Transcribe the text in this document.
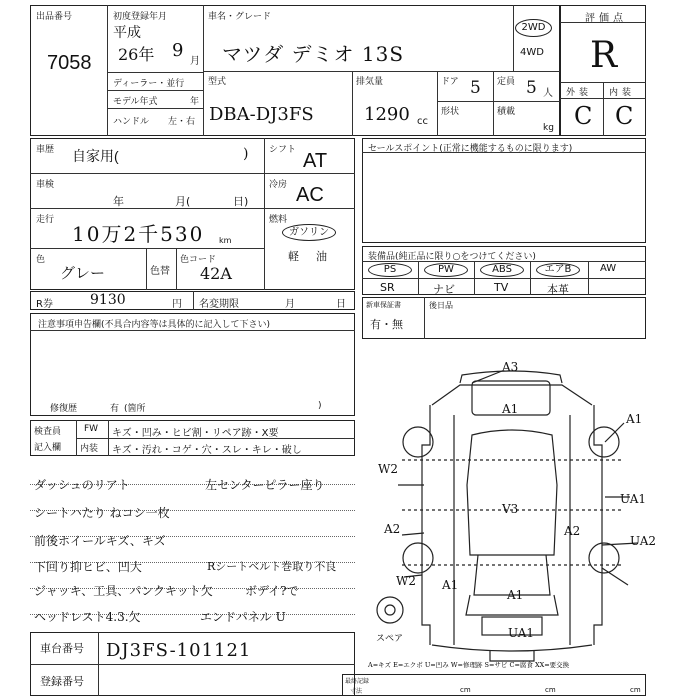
出品番号
7058
初度登録年月
平成
26年 9
月
ディーラー・並行
モデル年式	年
ハンドル 左・右
車名・グレード
マツダ デミオ 13S
2WD
4WD
型式
DBA-DJ3FS
排気量
1290 cc
ドア 5 定員 5 人
形状	積載
kg
評価点
R
外装 内装
C C
車歴 自家用(	)
車検
年	月(	日)
走行
10万2千530 km
色
グレー	色替
色コード
42A
シフト AT
冷房 AC
燃料
ガソリン
軽 油
R券	9130	円 名変期限	月	日
注意事項申告欄(不具合内容等は具体的に記入して下さい)
修復歴	有 (箇所	)
検査員
記入欄
FW キズ・凹み・ヒビ割・リペア跡・X要
内装 キズ・汚れ・コゲ・穴・スレ・キレ・破し
ダッシュのリアト	左センターピラー座り
シートハたり ねコシ一枚
前後ホイールキズ、キズ
下回り抑ヒビ、凹大	Rシートベルト巻取り不良
ジャッキ、工具、パンクキット欠	ボデイ?で
ヘッドレスト4.3.欠	エンドパネル U
車台番号 DJ3FS-101121
登録番号
セールスポイント(正常に機能するものに限ります)
装備品(純正品に限り○をつけてください)
PS	PW	ABS	エアB	AW
SR	ナビ	TV	本革
新車保証書
有・無
後日品
A3
A1
A1
W2
V3
UA1
A2	A2
UA2
W2 A1
A1
UA1
スペア
A=キズ E=エクボ U=凹み W=修理跡 S=サビ C=腐食 XX=要交換
最終記録
寸法	cm	cm	cm
